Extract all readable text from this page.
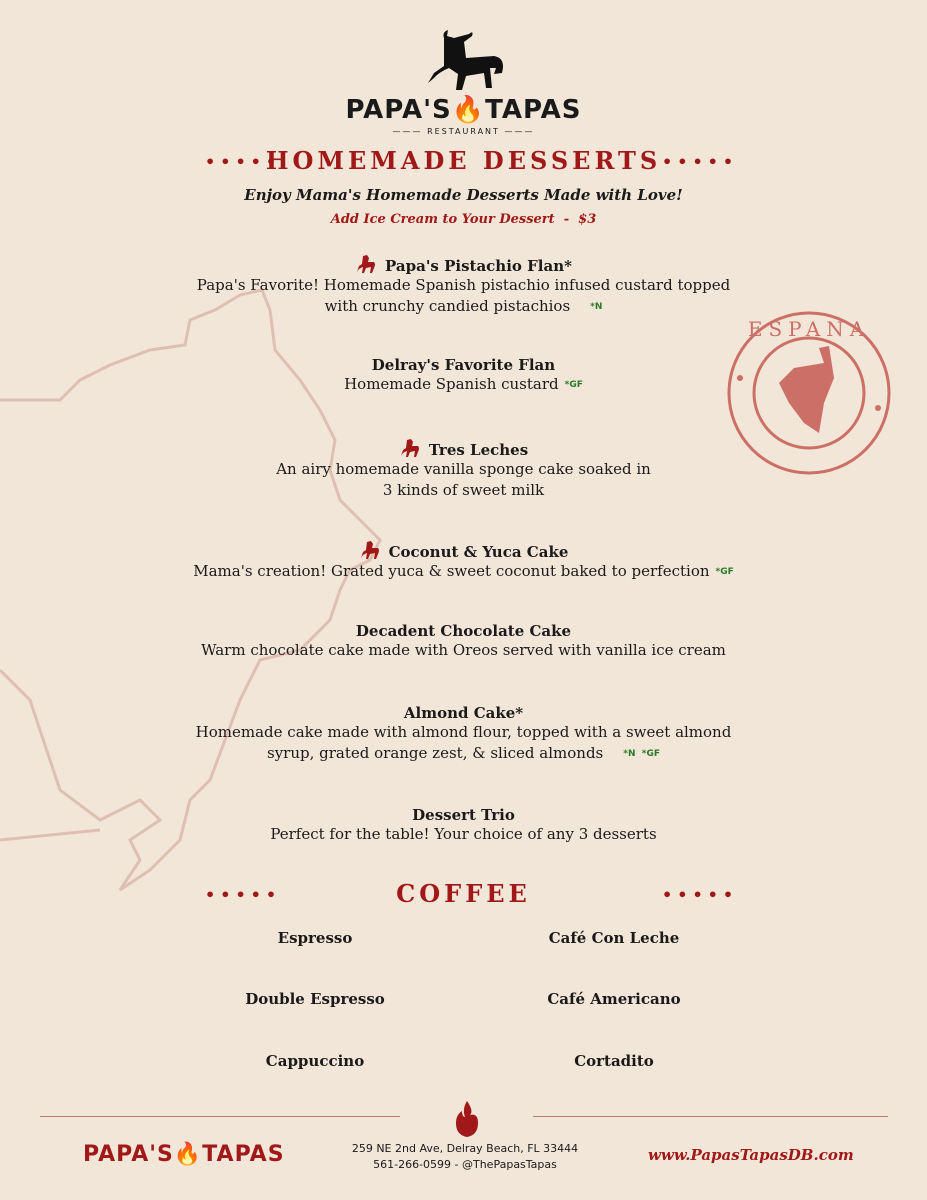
PAPA'S🔥TAPAS
——— RESTAURANT ———
•••••	•••••
HOMEMADE DESSERTS
Enjoy Mama's Homemade Desserts Made with Love!
Add Ice Cream to Your Dessert  -  $3
Papa's Pistachio Flan*
Papa's Favorite! Homemade Spanish pistachio infused custard topped
with crunchy candied pistachios *N
Delray's Favorite Flan
Homemade Spanish custard *GF
Tres Leches
An airy homemade vanilla sponge cake soaked in
3 kinds of sweet milk
Coconut & Yuca Cake
Mama's creation! Grated yuca & sweet coconut baked to perfection *GF
Decadent Chocolate Cake
Warm chocolate cake made with Oreos served with vanilla ice cream
Almond Cake*
Homemade cake made with almond flour, topped with a sweet almond
syrup, grated orange zest, & sliced almonds *N  *GF
Dessert Trio
Perfect for the table! Your choice of any 3 desserts
ESPANA
•••••	•••••
COFFEE
Espresso	Café Con Leche
Double Espresso	Café Americano
Cappuccino	Cortadito
PAPA'S🔥TAPAS	259 NE 2nd Ave, Delray Beach, FL 33444
561-266-0599 - @ThePapasTapas
www.PapasTapasDB.com
